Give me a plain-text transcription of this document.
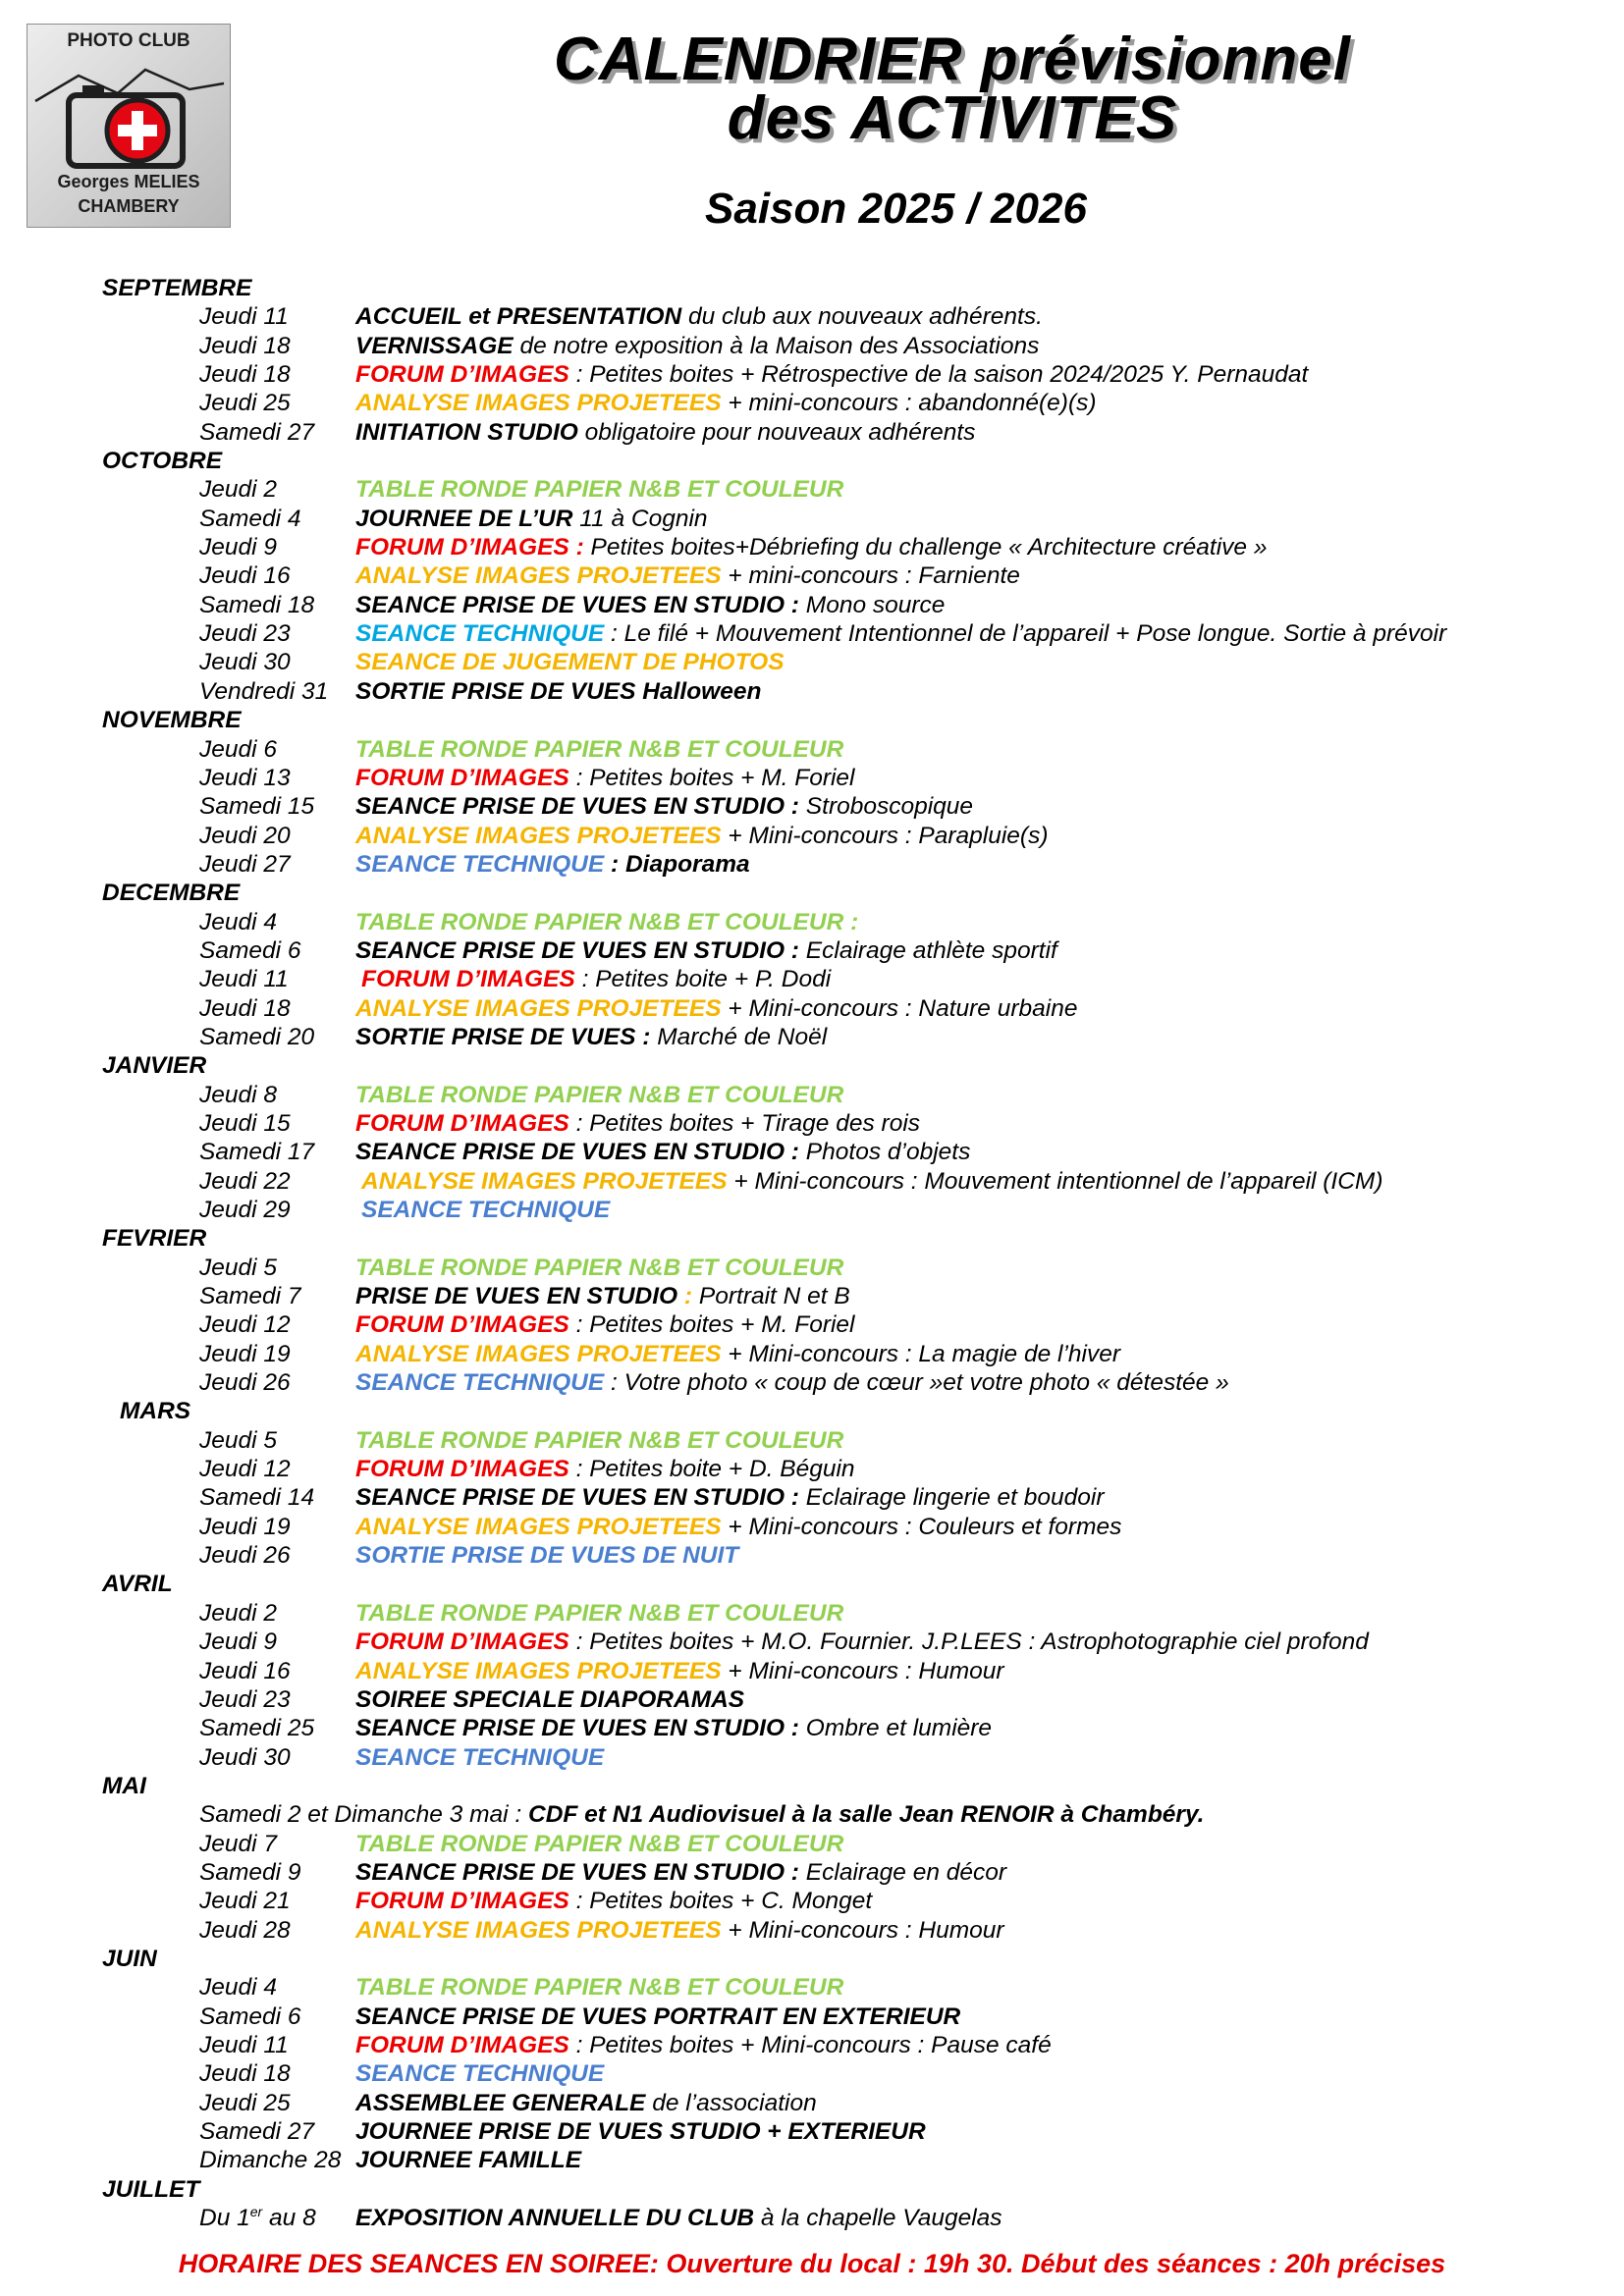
PHOTO CLUB
Georges MELIES
CHAMBERY
CALENDRIER prévisionnel
des ACTIVITES
Saison 2025 / 2026
SEPTEMBRE
Jeudi 11	ACCUEIL et PRESENTATION du club aux nouveaux adhérents.
Jeudi 18	VERNISSAGE de notre exposition à la Maison des Associations
Jeudi 18	FORUM D’IMAGES : Petites boites + Rétrospective de la saison 2024/2025 Y. Pernaudat
Jeudi 25	ANALYSE IMAGES PROJETEES + mini-concours : abandonné(e)(s)
Samedi 27 INITIATION STUDIO obligatoire pour nouveaux adhérents
OCTOBRE
Jeudi 2	TABLE RONDE PAPIER N&B ET COULEUR
Samedi 4 JOURNEE DE L’UR 11 à Cognin
Jeudi 9	FORUM D’IMAGES : Petites boites+Débriefing du challenge « Architecture créative »
Jeudi 16	ANALYSE IMAGES PROJETEES + mini-concours : Farniente
Samedi 18 SEANCE PRISE DE VUES EN STUDIO : Mono source
Jeudi 23	SEANCE TECHNIQUE : Le filé + Mouvement Intentionnel de l’appareil + Pose longue. Sortie à prévoir
Jeudi 30	SEANCE DE JUGEMENT DE PHOTOS
Vendredi 31 SORTIE PRISE DE VUES Halloween
NOVEMBRE
Jeudi 6	TABLE RONDE PAPIER N&B ET COULEUR
Jeudi 13	FORUM D’IMAGES : Petites boites + M. Foriel
Samedi 15 SEANCE PRISE DE VUES EN STUDIO : Stroboscopique
Jeudi 20	ANALYSE IMAGES PROJETEES + Mini-concours : Parapluie(s)
Jeudi 27	SEANCE TECHNIQUE : Diaporama
DECEMBRE
Jeudi 4	TABLE RONDE PAPIER N&B ET COULEUR :
Samedi 6 SEANCE PRISE DE VUES EN STUDIO : Eclairage athlète sportif
Jeudi 11	FORUM D’IMAGES : Petites boite + P. Dodi
Jeudi 18	ANALYSE IMAGES PROJETEES + Mini-concours : Nature urbaine
Samedi 20 SORTIE PRISE DE VUES : Marché de Noël
JANVIER
Jeudi 8	TABLE RONDE PAPIER N&B ET COULEUR
Jeudi 15	FORUM D’IMAGES : Petites boites + Tirage des rois
Samedi 17 SEANCE PRISE DE VUES EN STUDIO : Photos d’objets
Jeudi 22	ANALYSE IMAGES PROJETEES + Mini-concours : Mouvement intentionnel de l’appareil (ICM)
Jeudi 29	SEANCE TECHNIQUE
FEVRIER
Jeudi 5	TABLE RONDE PAPIER N&B ET COULEUR
Samedi 7 PRISE DE VUES EN STUDIO : Portrait N et B
Jeudi 12	FORUM D’IMAGES : Petites boites + M. Foriel
Jeudi 19	ANALYSE IMAGES PROJETEES + Mini-concours : La magie de l’hiver
Jeudi 26	SEANCE TECHNIQUE : Votre photo « coup de cœur »et votre photo « détestée »
MARS
Jeudi 5	TABLE RONDE PAPIER N&B ET COULEUR
Jeudi 12	FORUM D’IMAGES : Petites boite + D. Béguin
Samedi 14 SEANCE PRISE DE VUES EN STUDIO : Eclairage lingerie et boudoir
Jeudi 19	ANALYSE IMAGES PROJETEES + Mini-concours : Couleurs et formes
Jeudi 26	SORTIE PRISE DE VUES DE NUIT
AVRIL
Jeudi 2	TABLE RONDE PAPIER N&B ET COULEUR
Jeudi 9	FORUM D’IMAGES : Petites boites + M.O. Fournier. J.P.LEES : Astrophotographie ciel profond
Jeudi 16	ANALYSE IMAGES PROJETEES + Mini-concours : Humour
Jeudi 23	SOIREE SPECIALE DIAPORAMAS
Samedi 25 SEANCE PRISE DE VUES EN STUDIO : Ombre et lumière
Jeudi 30	SEANCE TECHNIQUE
MAI
Samedi 2 et Dimanche 3 mai : CDF et N1 Audiovisuel à la salle Jean RENOIR à Chambéry.
Jeudi 7	TABLE RONDE PAPIER N&B ET COULEUR
Samedi 9 SEANCE PRISE DE VUES EN STUDIO : Eclairage en décor
Jeudi 21	FORUM D’IMAGES : Petites boites + C. Monget
Jeudi 28	ANALYSE IMAGES PROJETEES + Mini-concours : Humour
JUIN
Jeudi 4	TABLE RONDE PAPIER N&B ET COULEUR
Samedi 6 SEANCE PRISE DE VUES PORTRAIT EN EXTERIEUR
Jeudi 11	FORUM D’IMAGES : Petites boites + Mini-concours : Pause café
Jeudi 18	SEANCE TECHNIQUE
Jeudi 25	ASSEMBLEE GENERALE de l’association
Samedi 27 JOURNEE PRISE DE VUES STUDIO + EXTERIEUR
Dimanche 28 JOURNEE FAMILLE
JUILLET
Du 1er au 8 EXPOSITION ANNUELLE DU CLUB à la chapelle Vaugelas
HORAIRE DES SEANCES EN SOIREE: Ouverture du local : 19h 30. Début des séances : 20h précises
